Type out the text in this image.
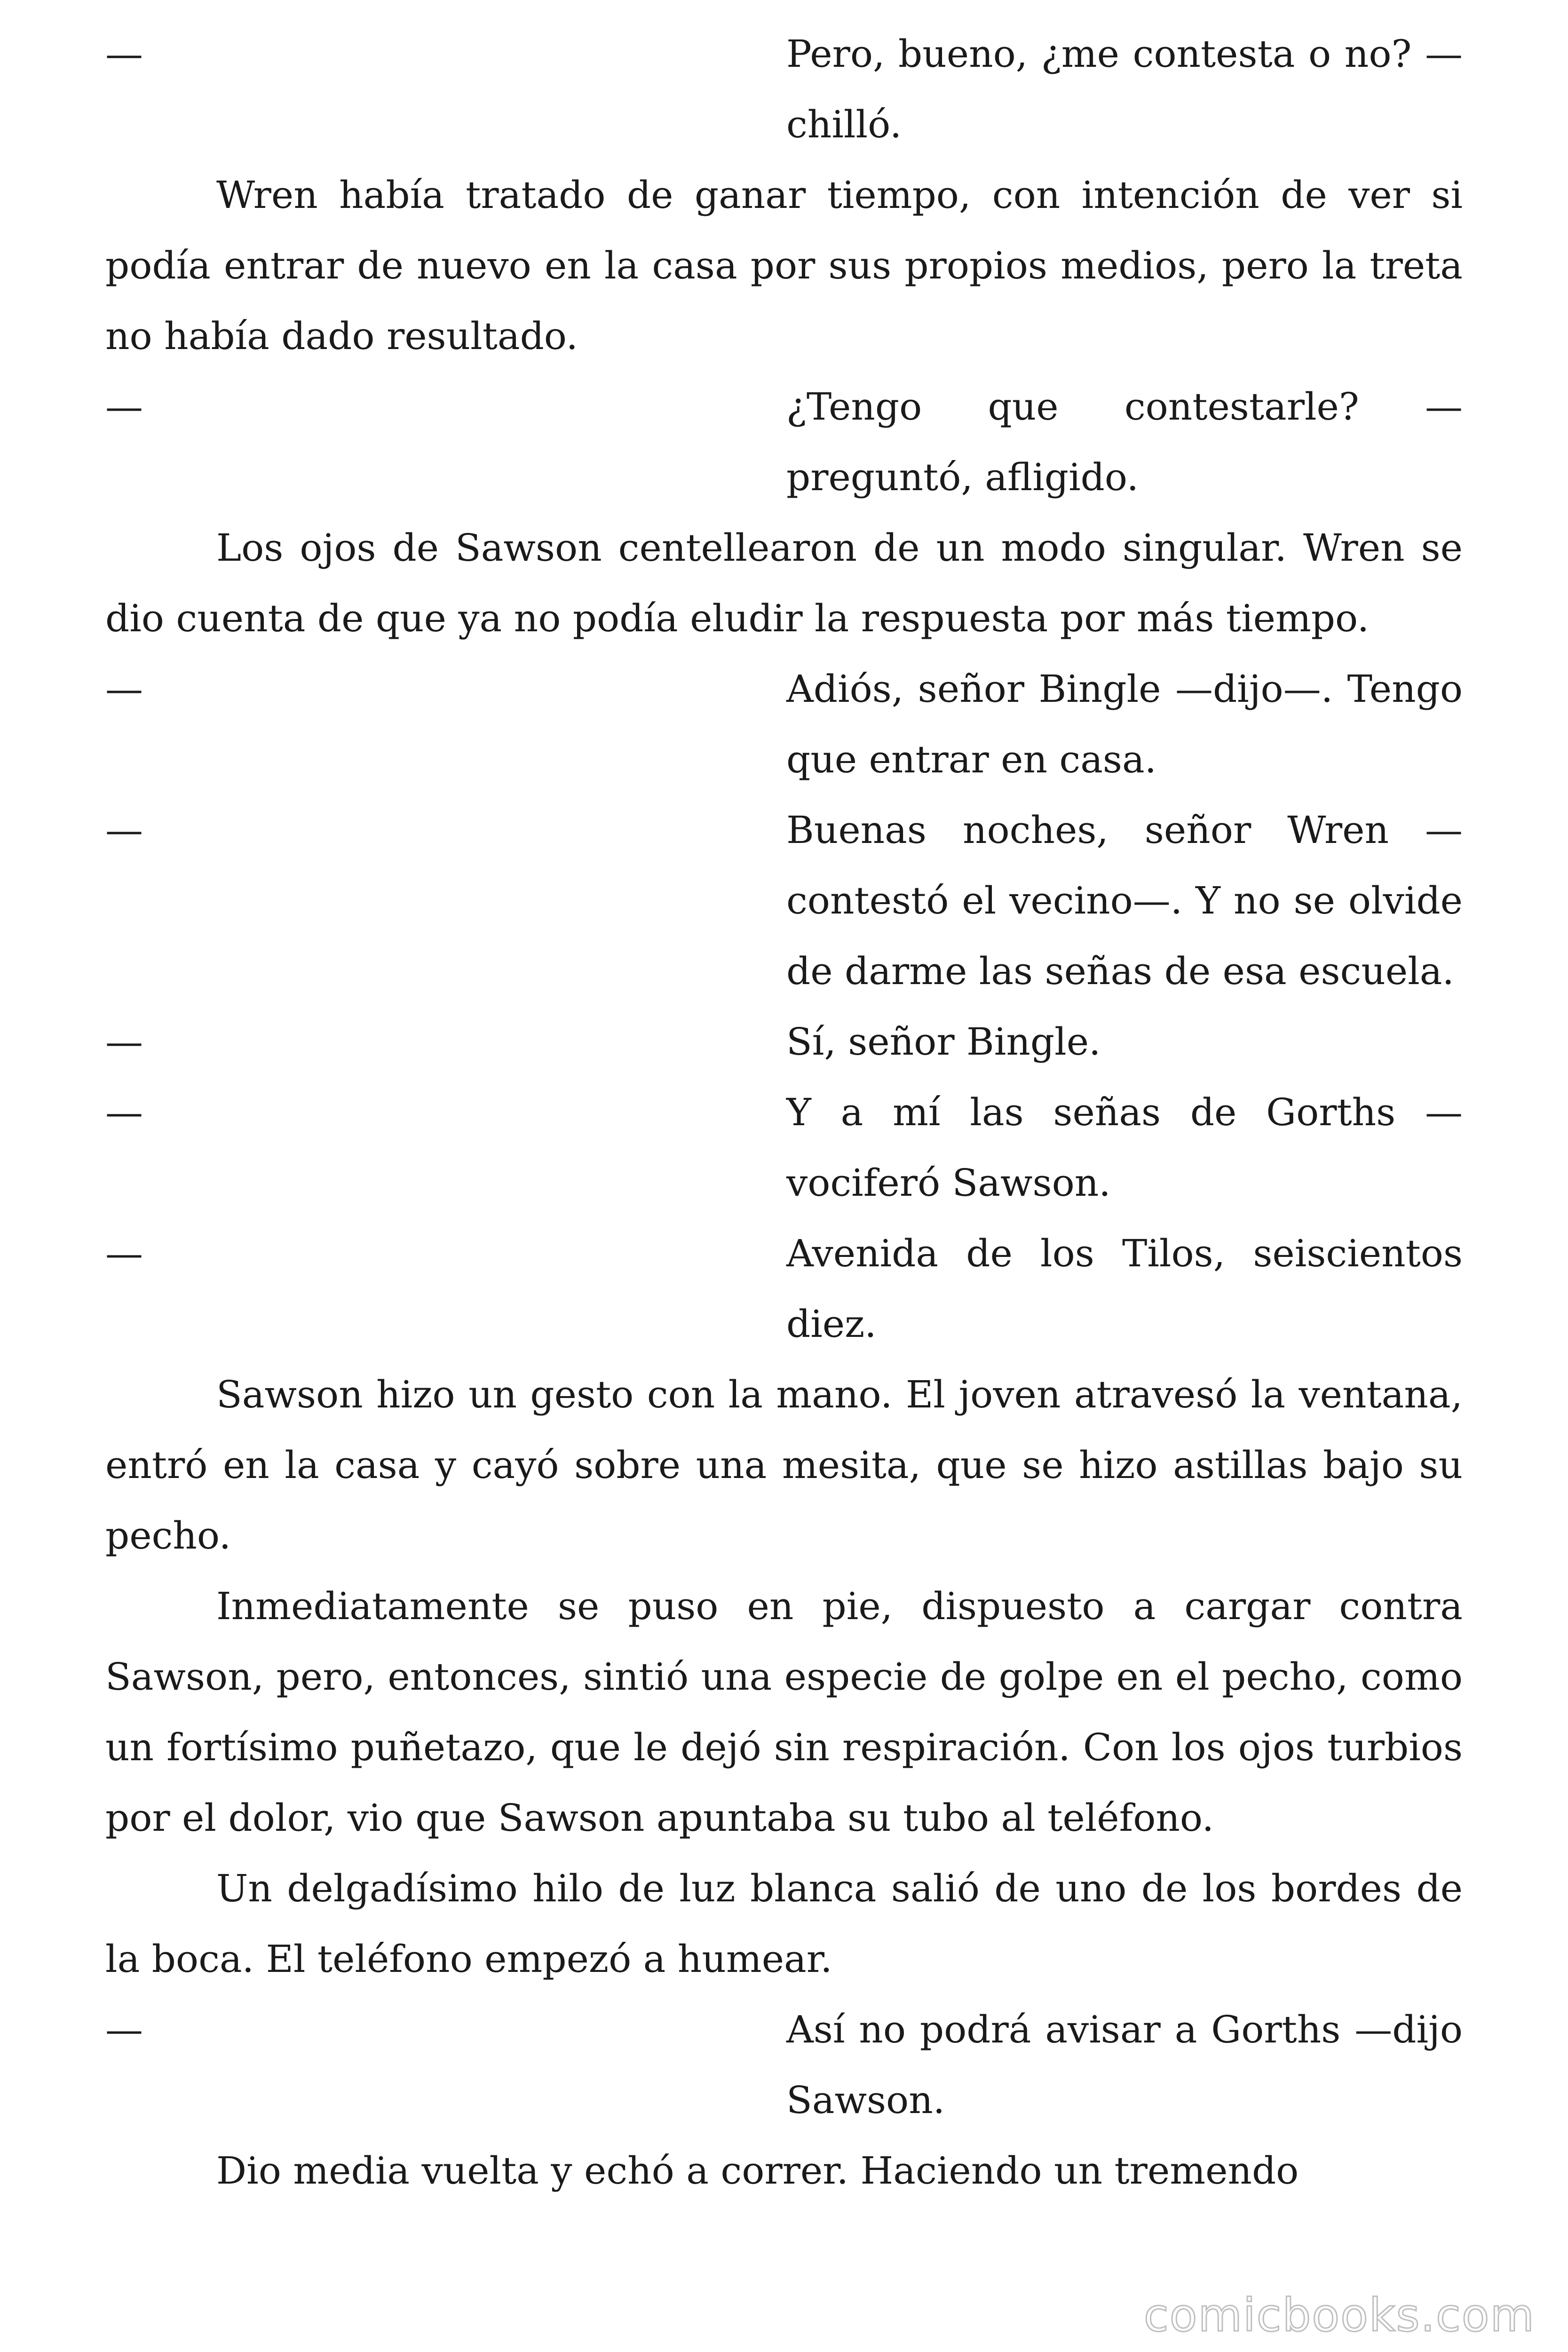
—	Pero, bueno, ¿me contesta o no? —chilló.

Wren había tratado de ganar tiempo, con intención de ver si podía entrar de nuevo en la casa por sus propios medios, pero la treta no había dado resultado.

—	¿Tengo que contestarle? —preguntó, afligido.

Los ojos de Sawson centellearon de un modo singular. Wren se dio cuenta de que ya no podía eludir la respuesta por más tiempo.

—	Adiós, señor Bingle —dijo—. Tengo que entrar en casa.
—	Buenas noches, señor Wren —contestó el vecino—. Y no se olvide de darme las señas de esa escuela.
—	Sí, señor Bingle.
—	Y a mí las señas de Gorths —vociferó Sawson.
—	Avenida de los Tilos, seiscientos diez.

Sawson hizo un gesto con la mano. El joven atravesó la ventana, entró en la casa y cayó sobre una mesita, que se hizo astillas bajo su pecho.

Inmediatamente se puso en pie, dispuesto a cargar contra Sawson, pero, entonces, sintió una especie de golpe en el pecho, como un fortísimo puñetazo, que le dejó sin respiración. Con los ojos turbios por el dolor, vio que Sawson apuntaba su tubo al teléfono.

Un delgadísimo hilo de luz blanca salió de uno de los bordes de la boca. El teléfono empezó a humear.

—	Así no podrá avisar a Gorths —dijo Sawson.

Dio media vuelta y echó a correr. Haciendo un tremendo

comicbooks.com
